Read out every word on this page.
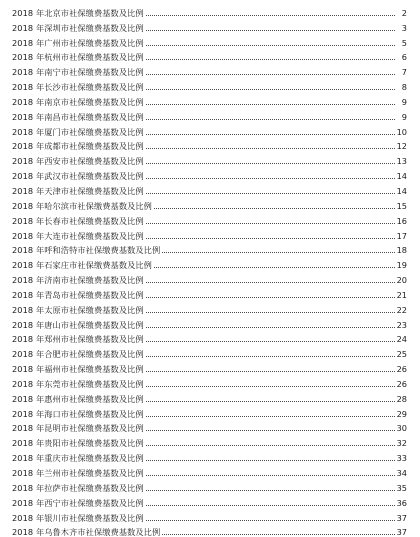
2018 年北京市社保缴费基数及比例	2
2018 年深圳市社保缴费基数及比例	3
2018 年广州市社保缴费基数及比例	5
2018 年杭州市社保缴费基数及比例	6
2018 年南宁市社保缴费基数及比例	7
2018 年长沙市社保缴费基数及比例	8
2018 年南京市社保缴费基数及比例	9
2018 年南昌市社保缴费基数及比例	9
2018 年厦门市社保缴费基数及比例	10
2018 年成都市社保缴费基数及比例	12
2018 年西安市社保缴费基数及比例	13
2018 年武汉市社保缴费基数及比例	14
2018 年天津市社保缴费基数及比例	14
2018 年哈尔滨市社保缴费基数及比例	15
2018 年长春市社保缴费基数及比例	16
2018 年大连市社保缴费基数及比例	17
2018 年呼和浩特市社保缴费基数及比例	18
2018 年石家庄市社保缴费基数及比例	19
2018 年济南市社保缴费基数及比例	20
2018 年青岛市社保缴费基数及比例	21
2018 年太原市社保缴费基数及比例	22
2018 年唐山市社保缴费基数及比例	23
2018 年郑州市社保缴费基数及比例	24
2018 年合肥市社保缴费基数及比例	25
2018 年福州市社保缴费基数及比例	26
2018 年东莞市社保缴费基数及比例	26
2018 年惠州市社保缴费基数及比例	28
2018 年海口市社保缴费基数及比例	29
2018 年昆明市社保缴费基数及比例	30
2018 年贵阳市社保缴费基数及比例	32
2018 年重庆市社保缴费基数及比例	33
2018 年兰州市社保缴费基数及比例	34
2018 年拉萨市社保缴费基数及比例	35
2018 年西宁市社保缴费基数及比例	36
2018 年银川市社保缴费基数及比例	37
2018 年乌鲁木齐市社保缴费基数及比例	37
